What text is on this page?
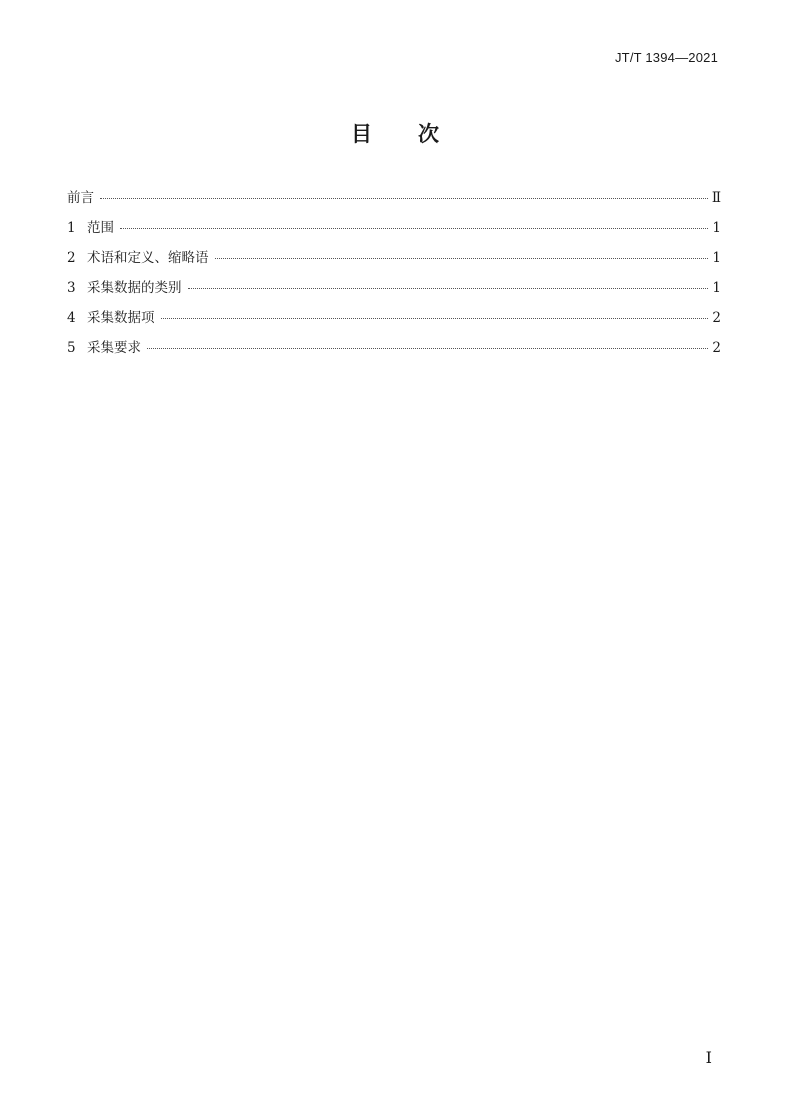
JT/T 1394—2021
目 次
前言	Ⅱ
1 范围	1
2 术语和定义、缩略语	1
3 采集数据的类别	1
4 采集数据项	2
5 采集要求	2
I
